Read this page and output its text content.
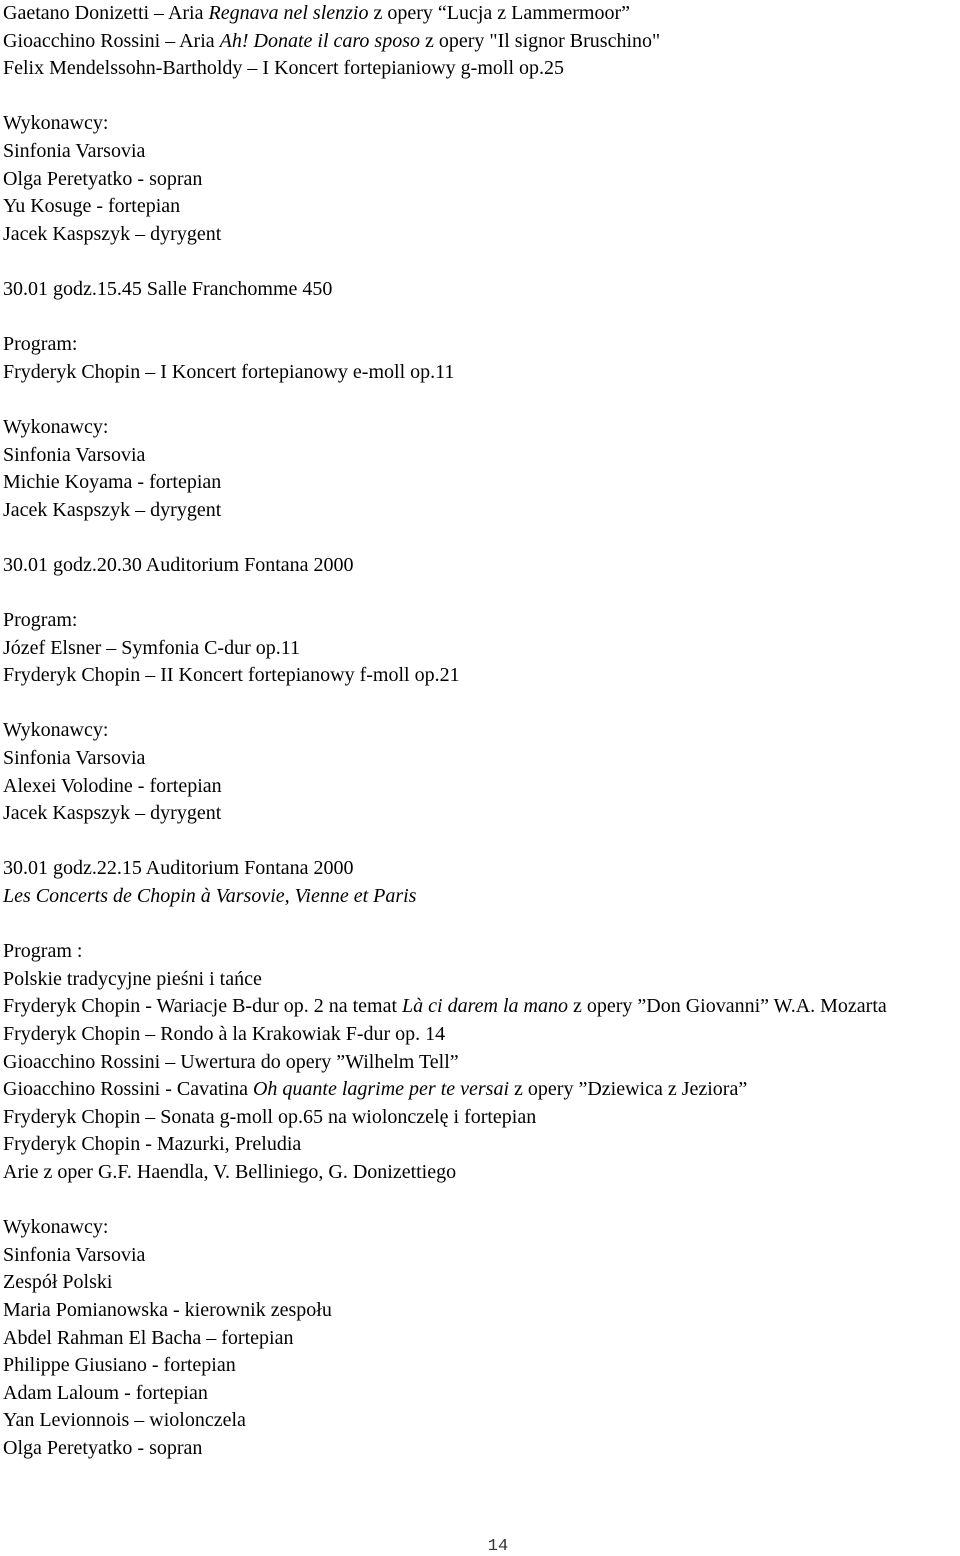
Gaetano Donizetti – Aria Regnava nel slenzio z opery “Lucja z Lammermoor”
Gioacchino Rossini – Aria Ah! Donate il caro sposo z opery "Il signor Bruschino"
Felix Mendelssohn-Bartholdy – I Koncert fortepianiowy g-moll op.25
Wykonawcy:
Sinfonia Varsovia
Olga Peretyatko - sopran
Yu Kosuge - fortepian
Jacek Kaspszyk – dyrygent
30.01 godz.15.45 Salle Franchomme 450
Program:
Fryderyk Chopin – I Koncert fortepianowy e-moll op.11
Wykonawcy:
Sinfonia Varsovia
Michie Koyama - fortepian
Jacek Kaspszyk – dyrygent
30.01 godz.20.30 Auditorium Fontana 2000
Program:
Józef Elsner – Symfonia C-dur op.11
Fryderyk Chopin – II Koncert fortepianowy f-moll op.21
Wykonawcy:
Sinfonia Varsovia
Alexei Volodine - fortepian
Jacek Kaspszyk – dyrygent
30.01 godz.22.15 Auditorium Fontana 2000
Les Concerts de Chopin à Varsovie, Vienne et Paris
Program :
Polskie tradycyjne pieśni i tańce
Fryderyk Chopin - Wariacje B-dur op. 2 na temat Là ci darem la mano z opery ”Don Giovanni” W.A. Mozarta
Fryderyk Chopin – Rondo à la Krakowiak F-dur op. 14
Gioacchino Rossini – Uwertura do opery ”Wilhelm Tell”
Gioacchino Rossini - Cavatina Oh quante lagrime per te versai z opery ”Dziewica z Jeziora”
Fryderyk Chopin – Sonata g-moll op.65 na wiolonczelę i fortepian
Fryderyk Chopin - Mazurki, Preludia
Arie z oper G.F. Haendla, V. Belliniego, G. Donizettiego
Wykonawcy:
Sinfonia Varsovia
Zespół Polski
Maria Pomianowska - kierownik zespołu
Abdel Rahman El Bacha – fortepian
Philippe Giusiano - fortepian
Adam Laloum - fortepian
Yan Levionnois – wiolonczela
Olga Peretyatko - sopran
14
